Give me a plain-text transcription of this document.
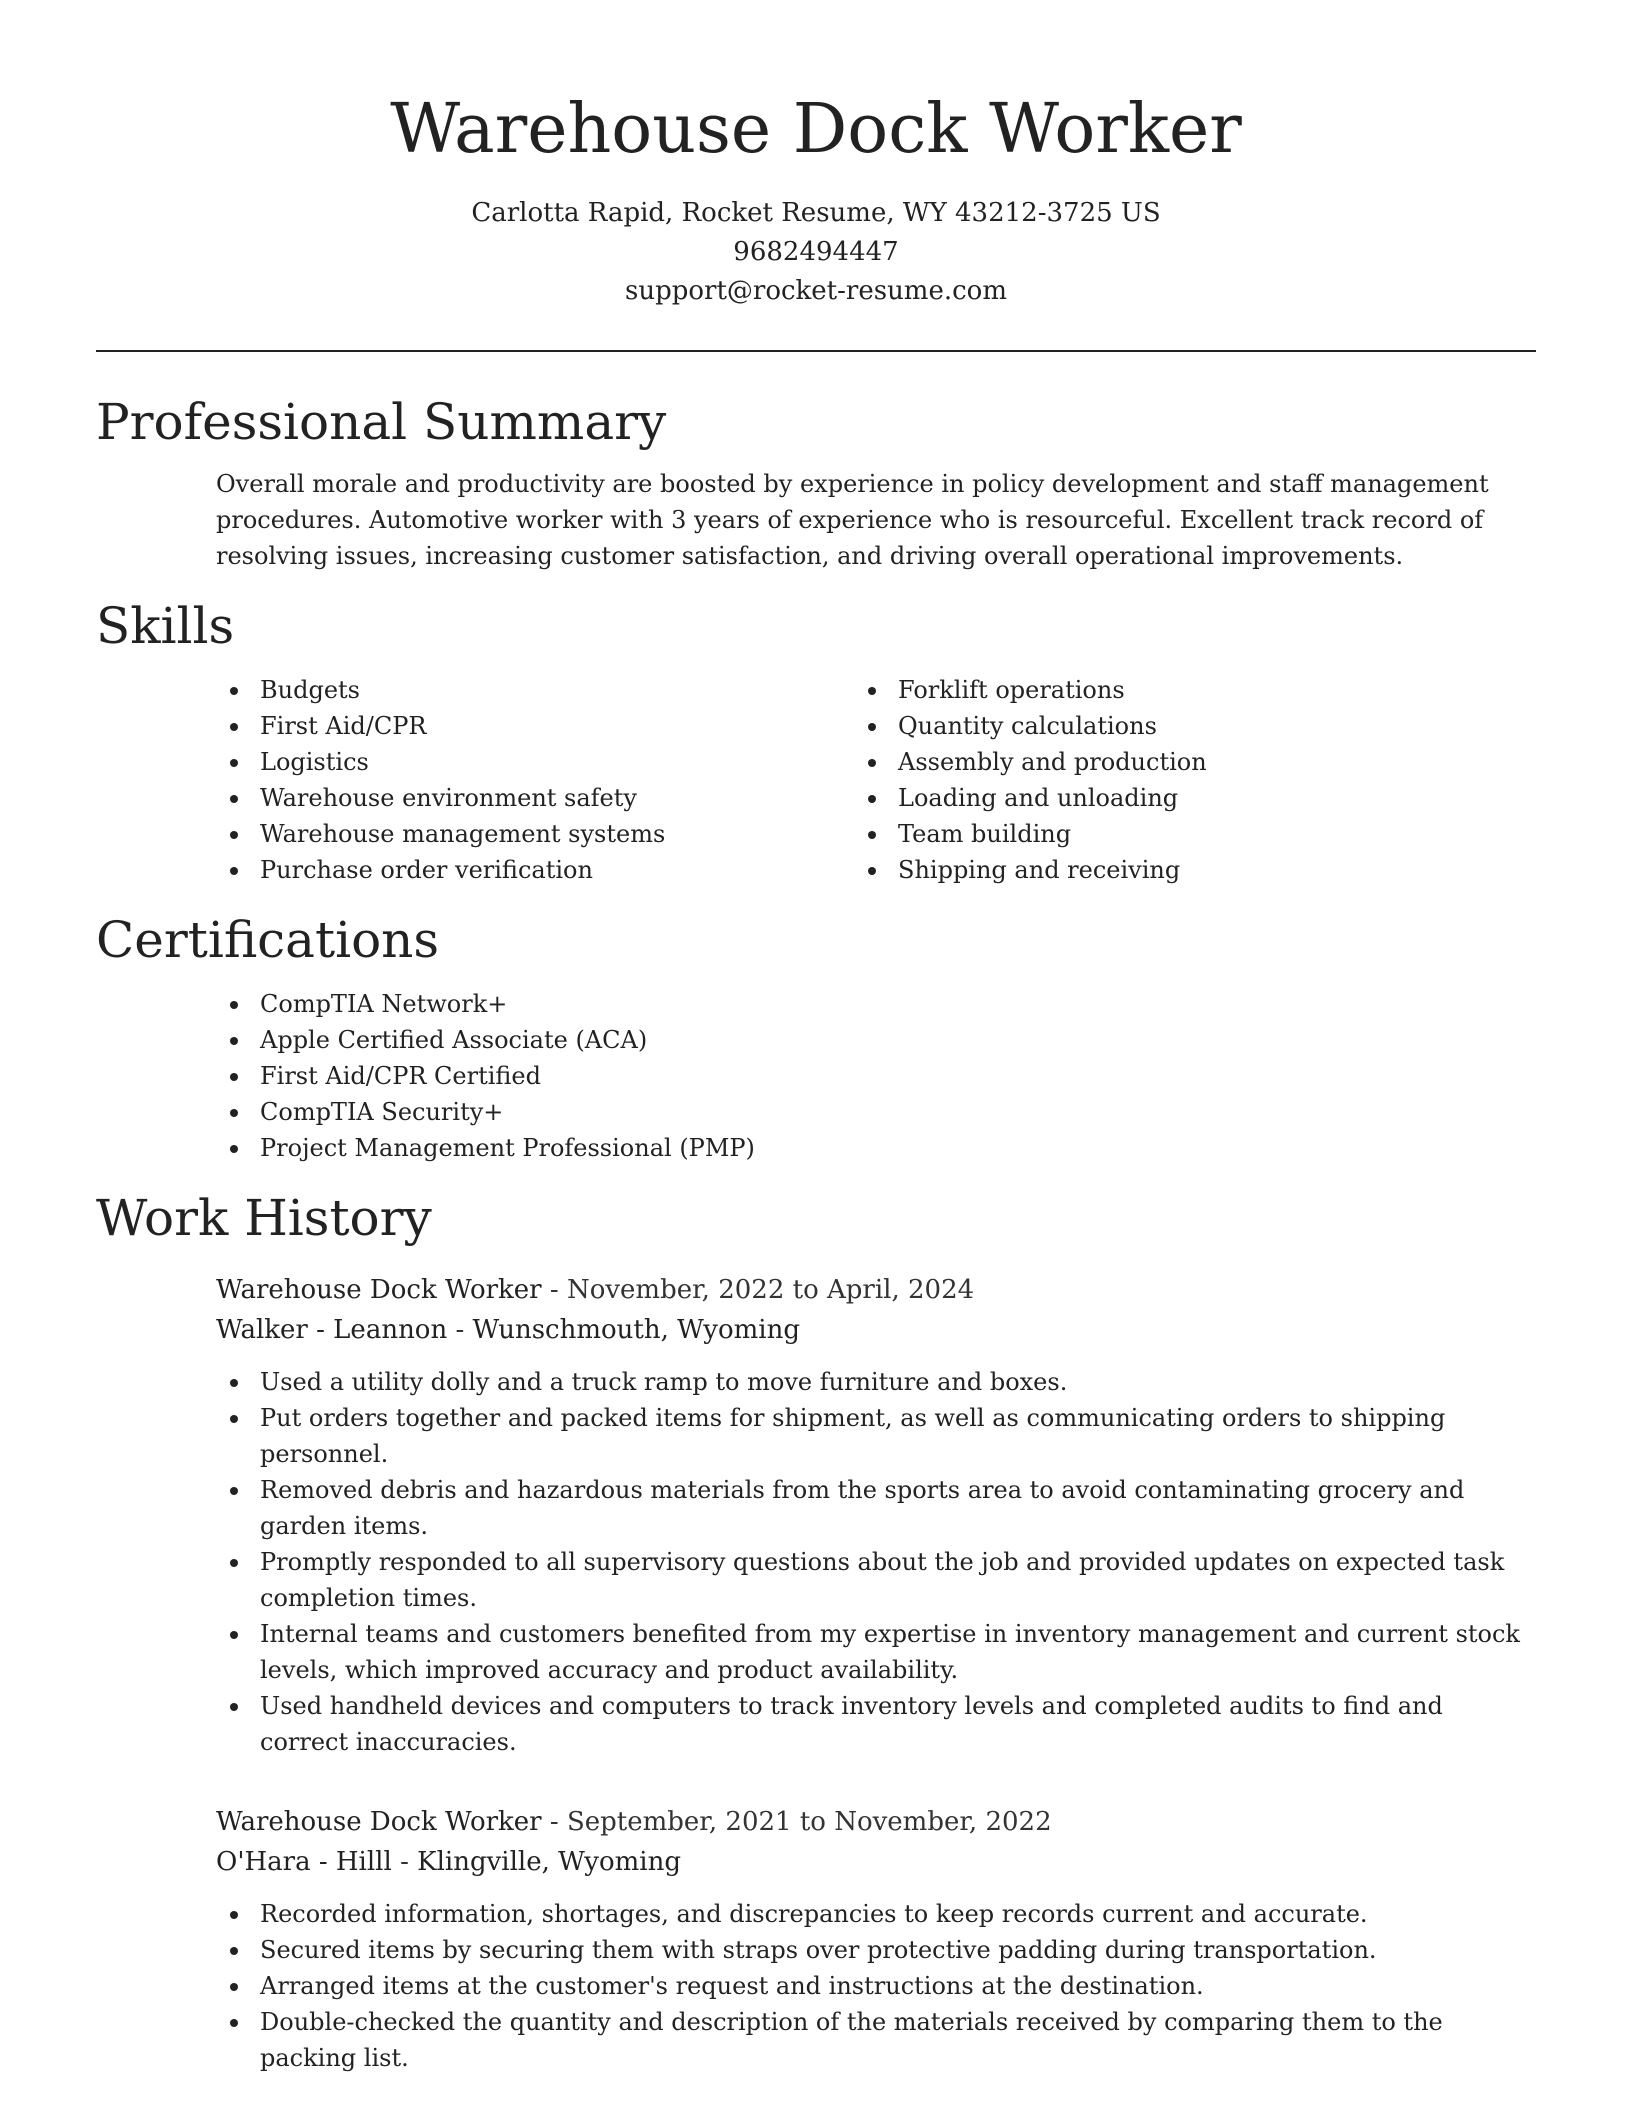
Warehouse Dock Worker
Carlotta Rapid, Rocket Resume, WY 43212-3725 US
9682494447
support@rocket-resume.com
Professional Summary

Overall morale and productivity are boosted by experience in policy development and staff management procedures. Automotive worker with 3 years of experience who is resourceful. Excellent track record of resolving issues, increasing customer satisfaction, and driving overall operational improvements.

Skills
Budgets
First Aid/CPR
Logistics
Warehouse environment safety
Warehouse management systems
Purchase order verification
Forklift operations
Quantity calculations
Assembly and production
Loading and unloading
Team building
Shipping and receiving
Certifications
CompTIA Network+
Apple Certified Associate (ACA)
First Aid/CPR Certified
CompTIA Security+
Project Management Professional (PMP)
Work History
Warehouse Dock Worker - November, 2022 to April, 2024
Walker - Leannon - Wunschmouth, Wyoming
Used a utility dolly and a truck ramp to move furniture and boxes.
Put orders together and packed items for shipment, as well as communicating orders to shipping personnel.
Removed debris and hazardous materials from the sports area to avoid contaminating grocery and garden items.
Promptly responded to all supervisory questions about the job and provided updates on expected task completion times.
Internal teams and customers benefited from my expertise in inventory management and current stock levels, which improved accuracy and product availability.
Used handheld devices and computers to track inventory levels and completed audits to find and correct inaccuracies.
Warehouse Dock Worker - September, 2021 to November, 2022
O'Hara - Hilll - Klingville, Wyoming
Recorded information, shortages, and discrepancies to keep records current and accurate.
Secured items by securing them with straps over protective padding during transportation.
Arranged items at the customer's request and instructions at the destination.
Double-checked the quantity and description of the materials received by comparing them to the packing list.
